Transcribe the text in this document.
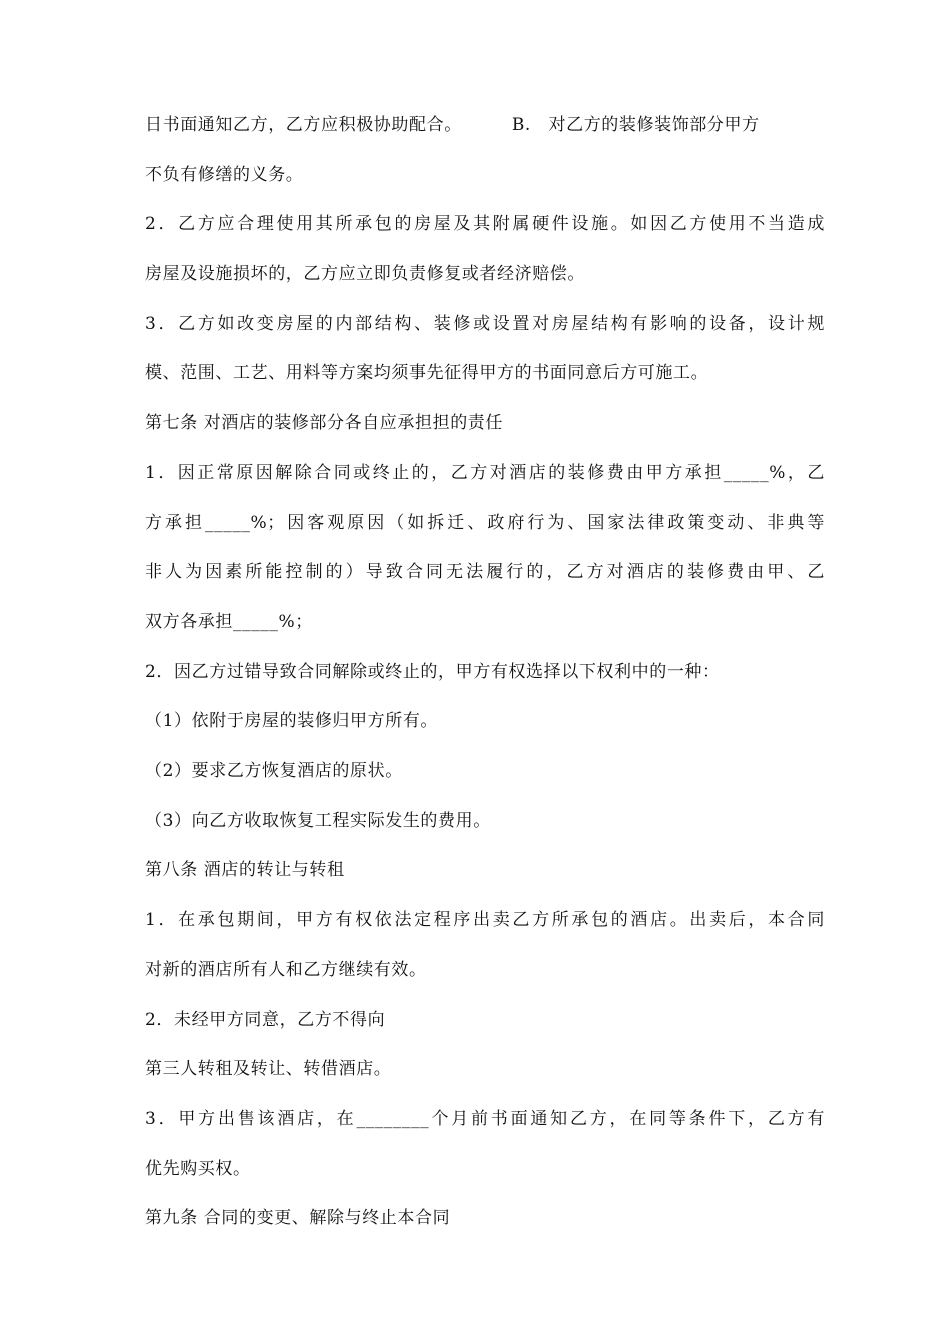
日书面通知乙方，乙方应积极协助配合。	B.　对乙方的装修装饰部分甲方
不负有修缮的义务。
2．乙方应合理使用其所承包的房屋及其附属硬件设施。如因乙方使用不当造成
房屋及设施损坏的，乙方应立即负责修复或者经济赔偿。
3．乙方如改变房屋的内部结构、装修或设置对房屋结构有影响的设备，设计规
模、范围、工艺、用料等方案均须事先征得甲方的书面同意后方可施工。
第七条 对酒店的装修部分各自应承担担的责任
1．因正常原因解除合同或终止的，乙方对酒店的装修费由甲方承担_____%，乙
方承担_____%；因客观原因（如拆迁、政府行为、国家法律政策变动、非典等
非人为因素所能控制的）导致合同无法履行的，乙方对酒店的装修费由甲、乙
双方各承担_____%；
2．因乙方过错导致合同解除或终止的，甲方有权选择以下权利中的一种：
（1）依附于房屋的装修归甲方所有。
（2）要求乙方恢复酒店的原状。
（3）向乙方收取恢复工程实际发生的费用。
第八条 酒店的转让与转租
1．在承包期间，甲方有权依法定程序出卖乙方所承包的酒店。出卖后，本合同
对新的酒店所有人和乙方继续有效。
2．未经甲方同意，乙方不得向
第三人转租及转让、转借酒店。
3．甲方出售该酒店，在________个月前书面通知乙方，在同等条件下，乙方有
优先购买权。
第九条 合同的变更、解除与终止本合同
